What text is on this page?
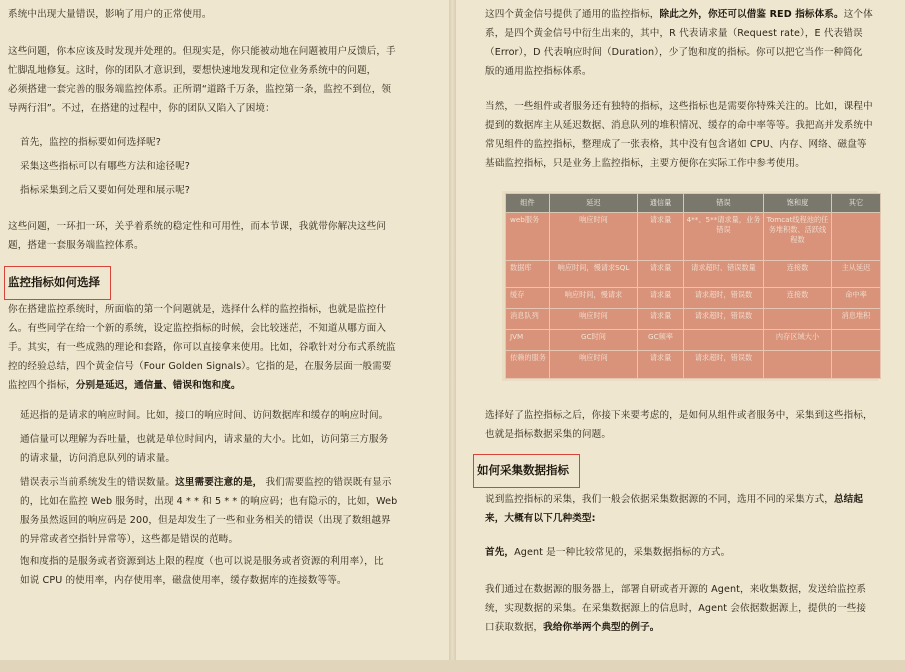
系统中出现大量错误，影响了用户的正常使用。
这些问题，你本应该及时发现并处理的。但现实是，你只能被动地在问题被用户反馈后，手
忙脚乱地修复。这时，你的团队才意识到，要想快速地发现和定位业务系统中的问题，
必须搭建一套完善的服务端监控体系。正所谓“道路千万条，监控第一条，监控不到位，领
导两行泪”。不过，在搭建的过程中，你的团队又陷入了困境：
首先，监控的指标要如何选择呢?
采集这些指标可以有哪些方法和途径呢?
指标采集到之后又要如何处理和展示呢?
这些问题，一环扣一环，关乎着系统的稳定性和可用性，而本节课，我就带你解决这些问
题，搭建一套服务端监控体系。
监控指标如何选择
你在搭建监控系统时，所面临的第一个问题就是，选择什么样的监控指标，也就是监控什
么。有些同学在给一个新的系统，设定监控指标的时候，会比较迷茫，不知道从哪方面入
手。其实，有一些成熟的理论和套路，你可以直接拿来使用。比如，谷歌针对分布式系统监
控的经验总结，四个黄金信号（Four Golden Signals）。它指的是，在服务层面一般需要
监控四个指标，分别是延迟，通信量、错误和饱和度。
延迟指的是请求的响应时间。比如，接口的响应时间、访问数据库和缓存的响应时间。
通信量可以理解为吞吐量，也就是单位时间内，请求量的大小。比如，访问第三方服务
的请求量，访问消息队列的请求量。
错误表示当前系统发生的错误数量。这里需要注意的是， 我们需要监控的错误既有显示
的，比如在监控 Web 服务时，出现 4 * * 和 5 * * 的响应码；也有隐示的，比如，Web
服务虽然返回的响应码是 200，但是却发生了一些和业务相关的错误（出现了数组越界
的异常或者空指针异常等），这些都是错误的范畴。
饱和度指的是服务或者资源到达上限的程度（也可以说是服务或者资源的利用率），比
如说 CPU 的使用率，内存使用率，磁盘使用率，缓存数据库的连接数等等。
这四个黄金信号提供了通用的监控指标，除此之外，你还可以借鉴 RED 指标体系。这个体
系，是四个黄金信号中衍生出来的，其中，R 代表请求量（Request rate），E 代表错误
（Error），D 代表响应时间（Duration），少了饱和度的指标。你可以把它当作一种简化
版的通用监控指标体系。
当然，一些组件或者服务还有独特的指标，这些指标也是需要你特殊关注的。比如，课程中
提到的数据库主从延迟数据、消息队列的堆积情况、缓存的命中率等等。我把高并发系统中
常见组件的监控指标，整理成了一张表格，其中没有包含诸如 CPU、内存、网络、磁盘等
基础监控指标，只是业务上监控指标，主要方便你在实际工作中参考使用。
组件	延迟	通信量	错误	饱和度	其它
web服务	响应时间	请求量	4**、5**请求量，业务错误	Tomcat线程池的任务堆积数、活跃线程数	
数据库	响应时间，慢请求SQL	请求量	请求超时、错误数量	连接数	主从延迟
缓存	响应时间，慢请求	请求量	请求超时，错误数	连接数	命中率
消息队列	响应时间	请求量	请求超时，错误数		消息堆积
JVM	GC时间	GC频率		内存区域大小	
依赖的服务	响应时间	请求量	请求超时，错误数		
选择好了监控指标之后，你接下来要考虑的，是如何从组件或者服务中，采集到这些指标，
也就是指标数据采集的问题。
如何采集数据指标
说到监控指标的采集，我们一般会依据采集数据源的不同，选用不同的采集方式，总结起
来，大概有以下几种类型:
首先，Agent 是一种比较常见的，采集数据指标的方式。
我们通过在数据源的服务器上，部署自研或者开源的 Agent，来收集数据，发送给监控系
统，实现数据的采集。在采集数据源上的信息时，Agent 会依据数据源上，提供的一些接
口获取数据，我给你举两个典型的例子。
